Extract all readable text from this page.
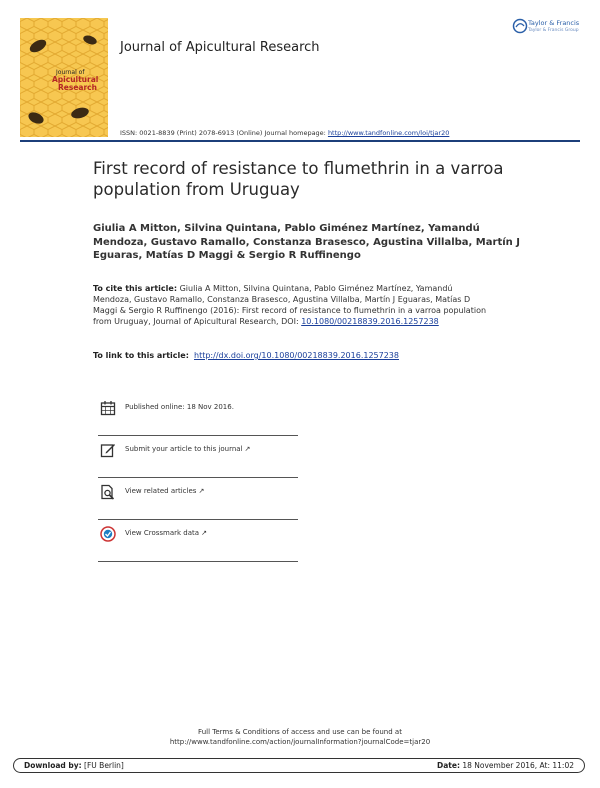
Journal of
Apicultural
Research
Journal of Apicultural Research
Taylor & Francis
Taylor & Francis Group
ISSN: 0021-8839 (Print) 2078-6913 (Online) Journal homepage: http://www.tandfonline.com/loi/tjar20
First record of resistance to flumethrin in a varroa population from Uruguay
Giulia A Mitton, Silvina Quintana, Pablo Giménez Martínez, Yamandú Mendoza, Gustavo Ramallo, Constanza Brasesco, Agustina Villalba, Martín J Eguaras, Matías D Maggi & Sergio R Ruffinengo
To cite this article: Giulia A Mitton, Silvina Quintana, Pablo Giménez Martínez, Yamandú Mendoza, Gustavo Ramallo, Constanza Brasesco, Agustina Villalba, Martín J Eguaras, Matías D Maggi & Sergio R Ruffinengo (2016): First record of resistance to flumethrin in a varroa population from Uruguay, Journal of Apicultural Research, DOI: 10.1080/00218839.2016.1257238
To link to this article: http://dx.doi.org/10.1080/00218839.2016.1257238
Published online: 18 Nov 2016.
Submit your article to this journal ↗
View related articles ↗
View Crossmark data ↗
Full Terms & Conditions of access and use can be found at
http://www.tandfonline.com/action/journalInformation?journalCode=tjar20
Download by: [FU Berlin]	Date: 18 November 2016, At: 11:02
